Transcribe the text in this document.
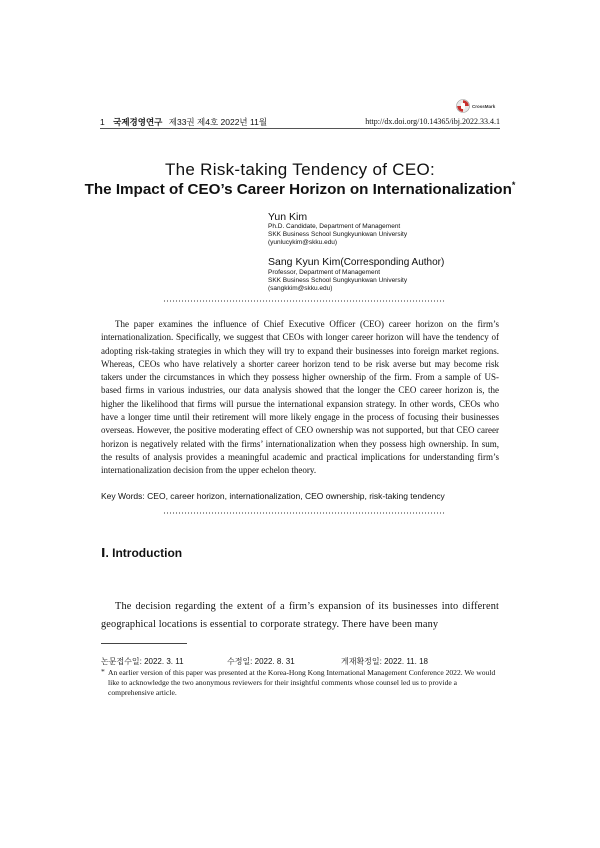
1 국제경영연구 제33권 제4호 2022년 11월
CrossMark
http://dx.doi.org/10.14365/ibj.2022.33.4.1
The Risk-taking Tendency of CEO:
The Impact of CEO’s Career Horizon on Internationalization*
Yun Kim
Ph.D. Candidate, Department of Management
SKK Business School Sungkyunkwan University
(yunlucykim@skku.edu)
Sang Kyun Kim(Corresponding Author)
Professor, Department of Management
SKK Business School Sungkyunkwan University
(sangkkim@skku.edu)

The paper examines the influence of Chief Executive Officer (CEO) career horizon on the firm’s internationalization. Specifically, we suggest that CEOs with longer career horizon will have the tendency of adopting risk-taking strategies in which they will try to expand their businesses into foreign market regions. Whereas, CEOs who have relatively a shorter career horizon tend to be risk averse but may become risk takers under the circumstances in which they possess higher ownership of the firm. From a sample of US-based firms in various industries, our data analysis showed that the longer the CEO career horizon is, the higher the likelihood that firms will pursue the international expansion strategy. In other words, CEOs who have a longer time until their retirement will more likely engage in the process of focusing their businesses overseas. However, the positive moderating effect of CEO ownership was not supported, but that CEO career horizon is negatively related with the firms’ internationalization when they possess high ownership. In sum, the results of analysis provides a meaningful academic and practical implications for understanding firm’s internationalization decision from the upper echelon theory.

Key Words: CEO, career horizon, internationalization, CEO ownership, risk-taking tendency
Ⅰ. Introduction

The decision regarding the extent of a firm’s expansion of its businesses into different geographical locations is essential to corporate strategy. There have been many

논문접수일: 2022. 3. 11	수정일: 2022. 8. 31	게재확정일: 2022. 11. 18

* An earlier version of this paper was presented at the Korea-Hong Kong International Management Conference 2022. We would like to acknowledge the two anonymous reviewers for their insightful comments whose counsel led us to provide a comprehensive article.
